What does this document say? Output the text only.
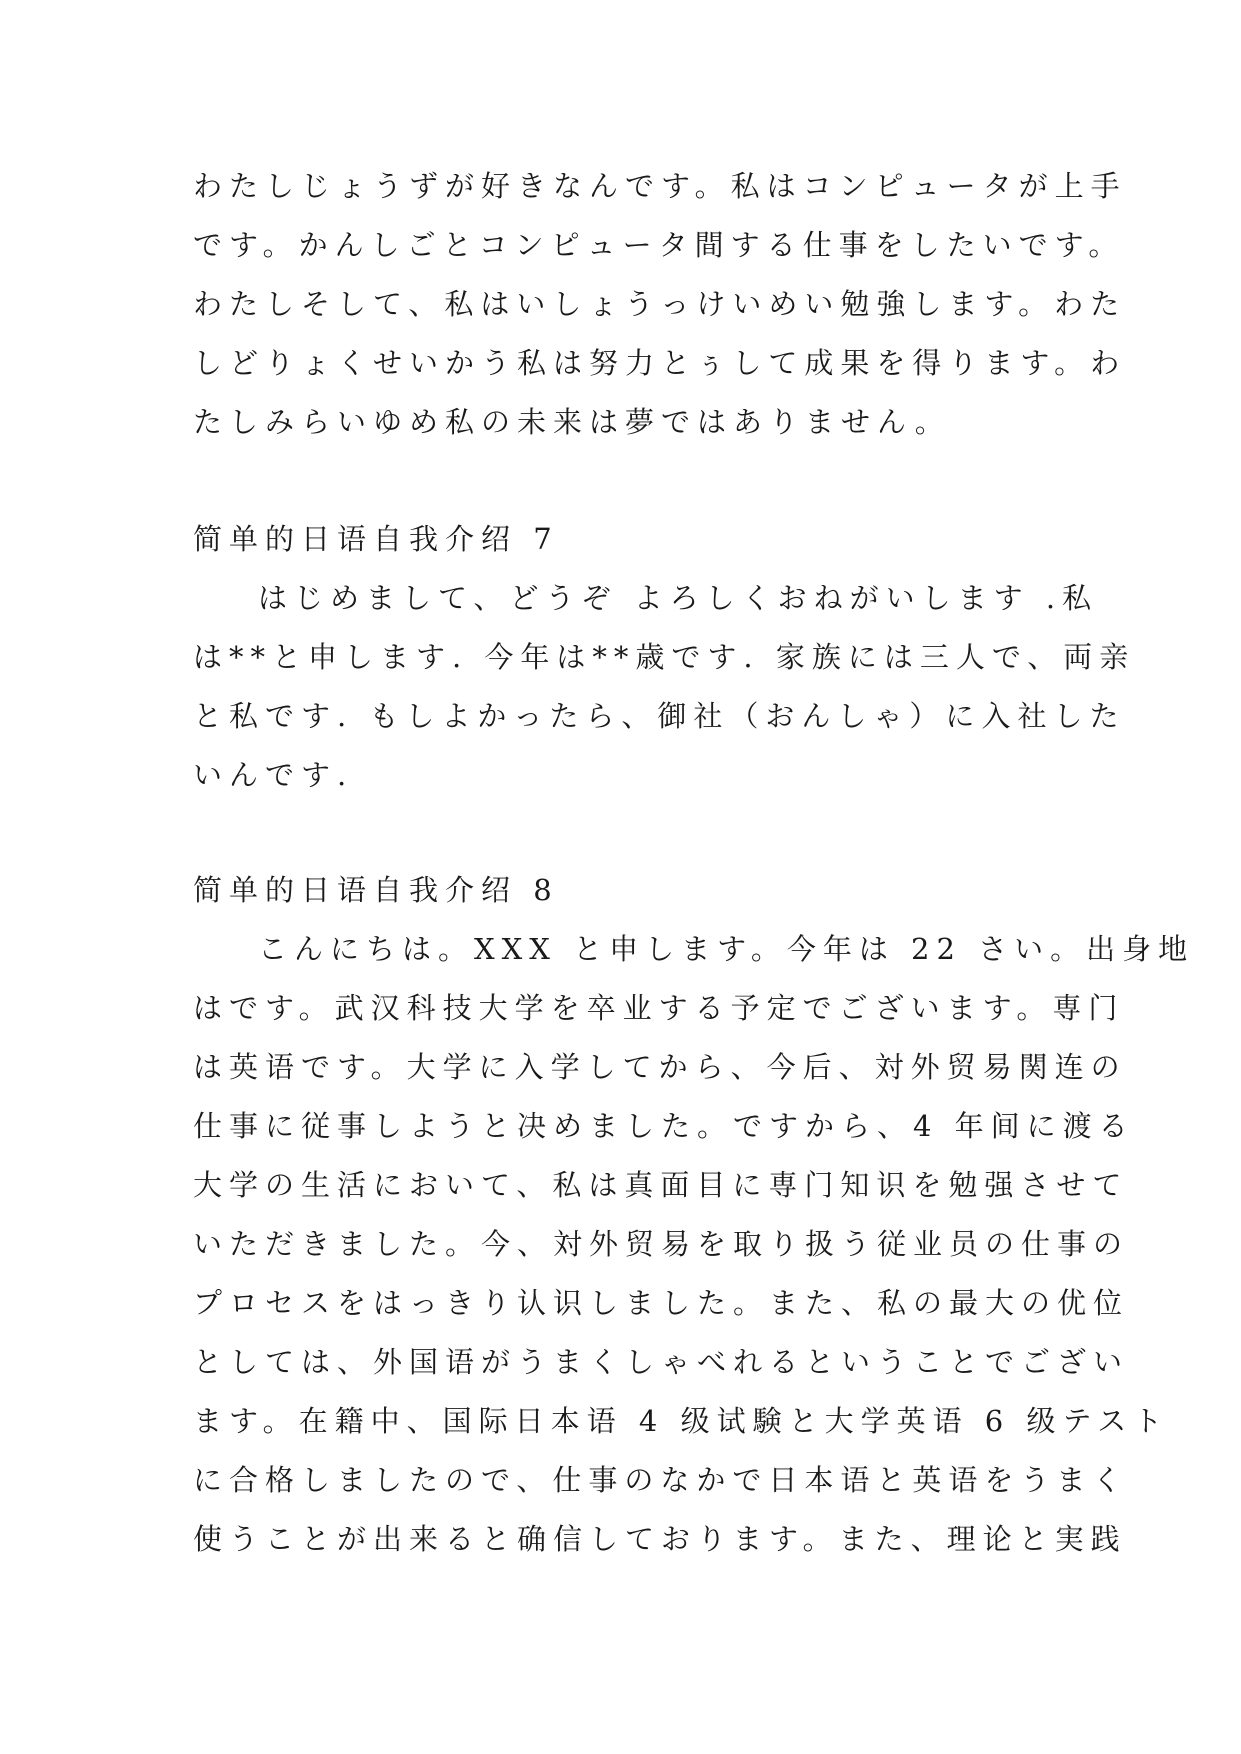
わたしじょうずが好きなんです。私はコンピュータが上手
です。かんしごとコンピュータ間する仕事をしたいです。
わたしそして、私はいしょうっけいめい勉強します。わた
しどりょくせいかう私は努力とぅして成果を得ります。わ
たしみらいゆめ私の未来は夢ではありません。
简单的日语自我介绍 7
はじめまして、どうぞ よろしくおねがいします .私
は**と申します. 今年は**歳です. 家族には三人で、両亲
と私です. もしよかったら、御社（おんしゃ）に入社した
いんです.
简单的日语自我介绍 8
こんにちは。XXX と申します。今年は 22 さい。出身地
はです。武汉科技大学を卒业する予定でございます。専门
は英语です。大学に入学してから、今后、対外贸易関连の
仕事に従事しようと决めました。ですから、4 年间に渡る
大学の生活において、私は真面目に専门知识を勉强させて
いただきました。今、対外贸易を取り扱う従业员の仕事の
プロセスをはっきり认识しました。また、私の最大の优位
としては、外国语がうまくしゃべれるということでござい
ます。在籍中、国际日本语 4 级试験と大学英语 6 级テスト
に合格しましたので、仕事のなかで日本语と英语をうまく
使うことが出来ると确信しております。また、理论と実践
